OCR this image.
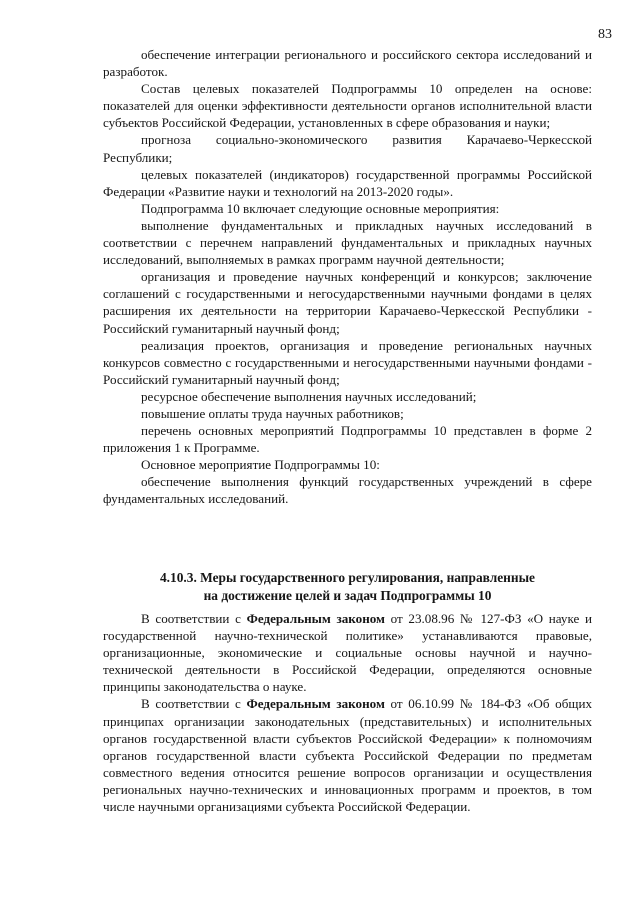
83

обеспечение интеграции регионального и российского сектора исследований и разработок.

Состав целевых показателей Подпрограммы 10 определен на основе: показателей для оценки эффективности деятельности органов исполнительной власти субъектов Российской Федерации, установленных в сфере образования и науки;

прогноза социально-экономического развития Карачаево-Черкесской Республики;

целевых показателей (индикаторов) государственной программы Российской Федерации «Развитие науки и технологий на 2013-2020 годы».

Подпрограмма 10 включает следующие основные мероприятия:

выполнение фундаментальных и прикладных научных исследований в соответствии с перечнем направлений фундаментальных и прикладных научных исследований, выполняемых в рамках программ научной деятельности;

организация и проведение научных конференций и конкурсов; заключение соглашений с государственными и негосударственными научными фондами в целях расширения их деятельности на территории Карачаево-Черкесской Республики - Российский гуманитарный научный фонд;

реализация проектов, организация и проведение региональных научных конкурсов совместно с государственными и негосударственными научными фондами - Российский гуманитарный научный фонд;

ресурсное обеспечение выполнения научных исследований;

повышение оплаты труда научных работников;

перечень основных мероприятий Подпрограммы 10 представлен в форме 2 приложения 1 к Программе.

Основное мероприятие Подпрограммы 10:

обеспечение выполнения функций государственных учреждений в сфере фундаментальных исследований.

4.10.3. Меры государственного регулирования, направленные
на достижение целей и задач Подпрограммы 10

В соответствии с Федеральным законом от 23.08.96 № 127-ФЗ «О науке и государственной научно-технической политике» устанавливаются правовые, организационные, экономические и социальные основы научной и научно-технической деятельности в Российской Федерации, определяются основные принципы законодательства о науке.

В соответствии с Федеральным законом от 06.10.99 № 184-ФЗ «Об общих принципах организации законодательных (представительных) и исполнительных органов государственной власти субъектов Российской Федерации» к полномочиям органов государственной власти субъекта Российской Федерации по предметам совместного ведения относится решение вопросов организации и осуществления региональных научно-технических и инновационных программ и проектов, в том числе научными организациями субъекта Российской Федерации.
